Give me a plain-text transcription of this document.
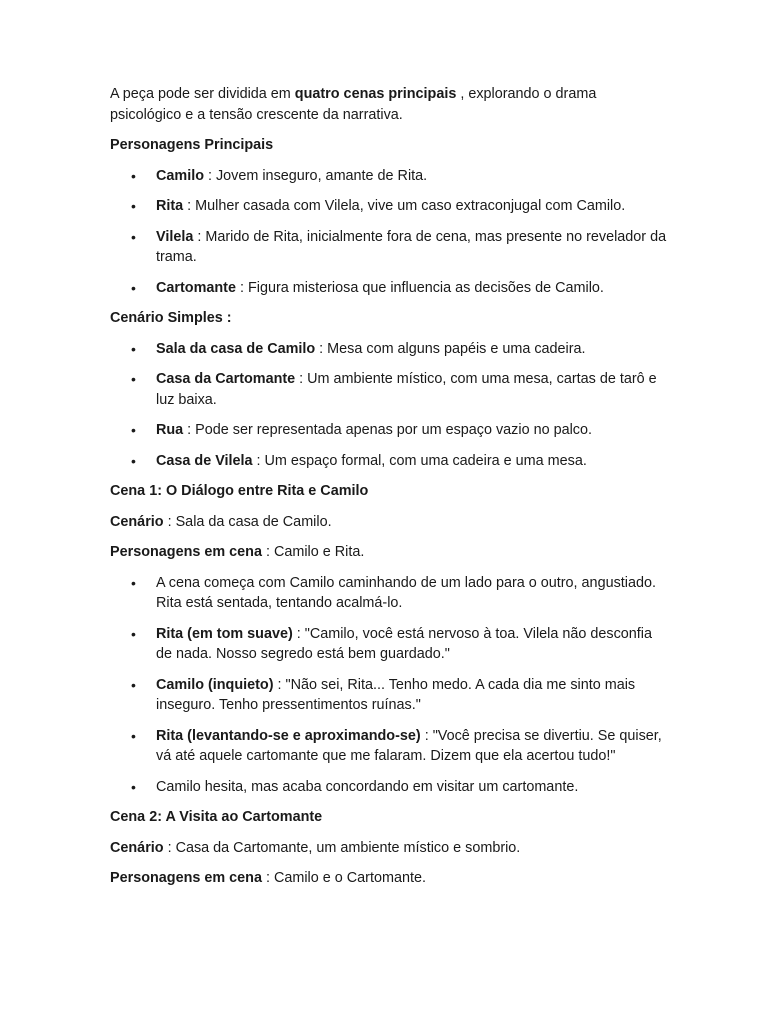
A peça pode ser dividida em quatro cenas principais , explorando o drama psicológico e a tensão crescente da narrativa.

Personagens Principais

• Camilo : Jovem inseguro, amante de Rita.
• Rita : Mulher casada com Vilela, vive um caso extraconjugal com Camilo.
• Vilela : Marido de Rita, inicialmente fora de cena, mas presente no revelador da trama.
• Cartomante : Figura misteriosa que influencia as decisões de Camilo.

Cenário Simples :

• Sala da casa de Camilo : Mesa com alguns papéis e uma cadeira.
• Casa da Cartomante : Um ambiente místico, com uma mesa, cartas de tarô e luz baixa.
• Rua : Pode ser representada apenas por um espaço vazio no palco.
• Casa de Vilela : Um espaço formal, com uma cadeira e uma mesa.

Cena 1: O Diálogo entre Rita e Camilo

Cenário : Sala da casa de Camilo.

Personagens em cena : Camilo e Rita.

• A cena começa com Camilo caminhando de um lado para o outro, angustiado. Rita está sentada, tentando acalmá-lo.
• Rita (em tom suave) : "Camilo, você está nervoso à toa. Vilela não desconfia de nada. Nosso segredo está bem guardado."
• Camilo (inquieto) : "Não sei, Rita... Tenho medo. A cada dia me sinto mais inseguro. Tenho pressentimentos ruínas."
• Rita (levantando-se e aproximando-se) : "Você precisa se divertiu. Se quiser, vá até aquele cartomante que me falaram. Dizem que ela acertou tudo!"
• Camilo hesita, mas acaba concordando em visitar um cartomante.

Cena 2: A Visita ao Cartomante

Cenário : Casa da Cartomante, um ambiente místico e sombrio.

Personagens em cena : Camilo e o Cartomante.
